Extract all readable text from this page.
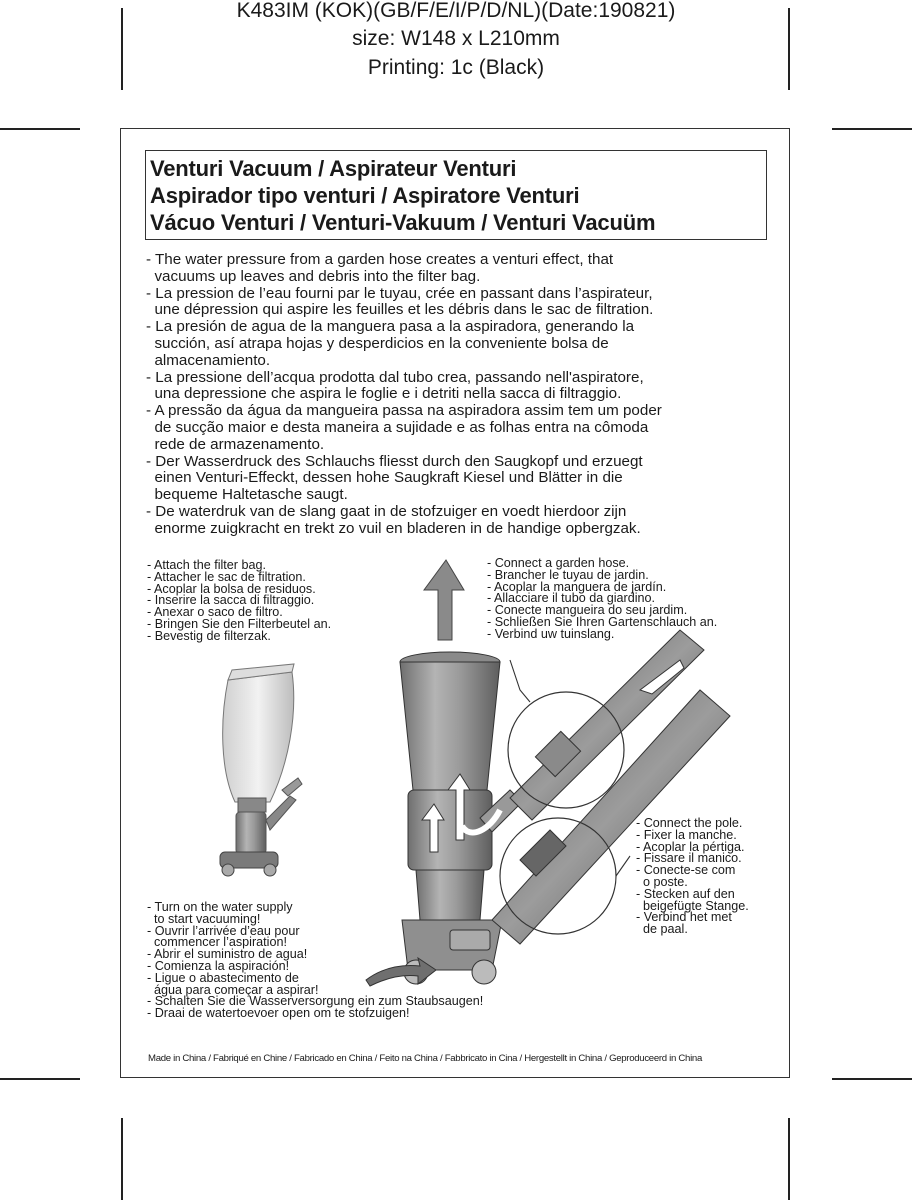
K483IM (KOK)(GB/F/E/I/P/D/NL)(Date:190821)
size: W148 x L210mm
Printing: 1c (Black)
Venturi Vacuum / Aspirateur Venturi
Aspirador tipo venturi / Aspiratore Venturi
Vácuo Venturi / Venturi-Vakuum / Venturi Vacuüm
- The water pressure from a garden hose creates a venturi effect, that
vacuums up leaves and debris into the filter bag.
- La pression de l’eau fourni par le tuyau, crée en passant dans l’aspirateur,
une dépression qui aspire les feuilles et les débris dans le sac de filtration.
- La presión de agua de la manguera pasa a la aspiradora, generando la
succión, así atrapa hojas y desperdicios en la conveniente bolsa de
almacenamiento.
- La pressione dell’acqua prodotta dal tubo crea, passando nell'aspiratore,
una depressione che aspira le foglie e i detriti nella sacca di filtraggio.
- A pressão da água da mangueira passa na aspiradora assim tem um poder
de sucção maior e desta maneira a sujidade e as folhas entra na cômoda
rede de armazenamento.
- Der Wasserdruck des Schlauchs fliesst durch den Saugkopf und erzuegt
einen Venturi-Effeckt, dessen hohe Saugkraft Kiesel und Blätter in die
bequeme Haltetasche saugt.
- De waterdruk van de slang gaat in de stofzuiger en voedt hierdoor zijn
enorme zuigkracht en trekt zo vuil en bladeren in de handige opbergzak.
- Attach the filter bag.
- Attacher le sac de filtration.
- Acoplar la bolsa de residuos.
- Inserire la sacca di filtraggio.
- Anexar o saco de filtro.
- Bringen Sie den Filterbeutel an.
- Bevestig de filterzak.
- Connect a garden hose.
- Brancher le tuyau de jardin.
- Acoplar la manguera de jardín.
- Allacciare il tubo da giardino.
- Conecte mangueira do seu jardim.
- Schließen Sie Ihren Gartenschlauch an.
- Verbind uw tuinslang.
- Connect the pole.
- Fixer la manche.
- Acoplar la pértiga.
- Fissare il manico.
- Conecte-se com
o poste.
- Stecken auf den
beigefügte Stange.
- Verbind het met
de paal.
- Turn on the water supply
to start vacuuming!
- Ouvrir l’arrivée d’eau pour
commencer l’aspiration!
- Abrir el suministro de agua!
- Comienza la aspiración!
- Ligue o abastecimento de
água para começar a aspirar!
- Schalten Sie die Wasserversorgung ein zum Staubsaugen!
- Draai de watertoevoer open om te stofzuigen!
Made in China / Fabriqué en Chine / Fabricado en China / Feito na China / Fabbricato in Cina / Hergestellt in China / Geproduceerd in China
